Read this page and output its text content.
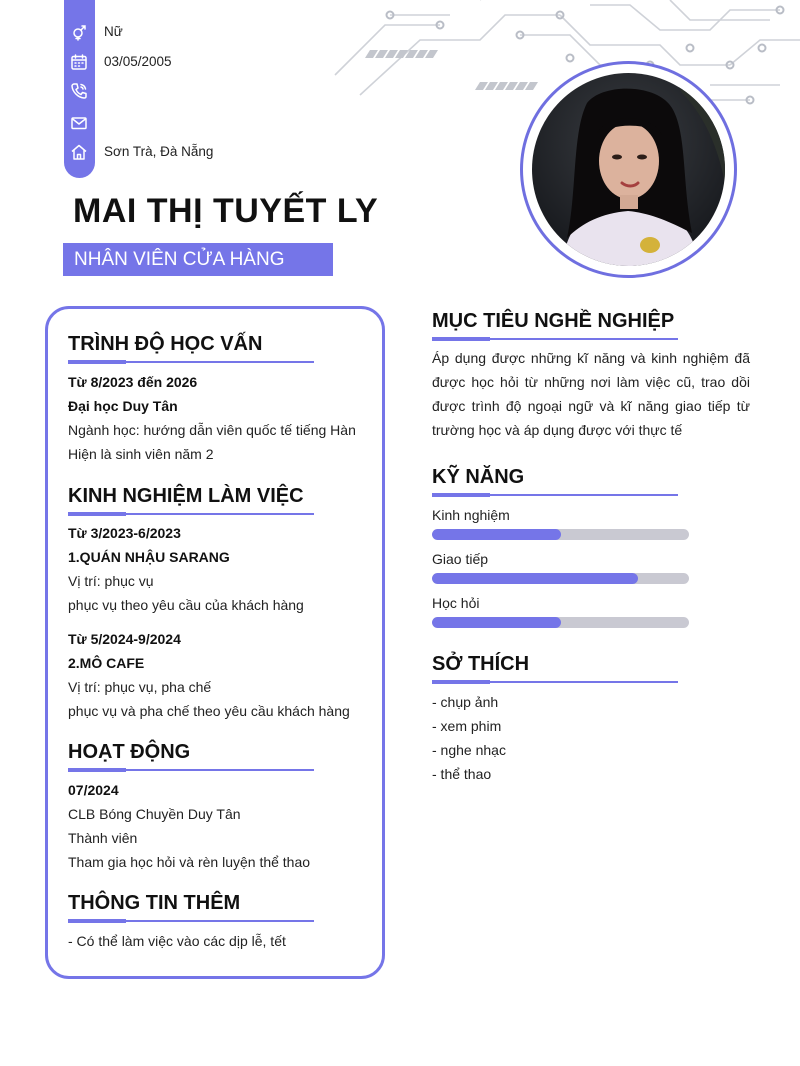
Nữ
03/05/2005
Sơn Trà, Đà Nẵng
MAI THỊ TUYẾT LY
NHÂN VIÊN CỬA HÀNG
TRÌNH ĐỘ HỌC VẤN
Từ 8/2023 đến 2026
Đại học Duy Tân
Ngành học: hướng dẫn viên quốc tế tiếng Hàn
Hiện là sinh viên năm 2
KINH NGHIỆM LÀM VIỆC
Từ 3/2023-6/2023
1.QUÁN NHẬU SARANG
Vị trí: phục vụ
phục vụ theo yêu cầu của khách hàng
Từ 5/2024-9/2024
2.MÔ CAFE
Vị trí: phục vụ, pha chế
phục vụ và pha chế theo yêu cầu khách hàng
HOẠT ĐỘNG
07/2024
CLB Bóng Chuyền Duy Tân
Thành viên
Tham gia học hỏi và rèn luyện thể thao
THÔNG TIN THÊM
- Có thể làm việc vào các dịp lễ, tết
MỤC TIÊU NGHỀ NGHIỆP
Áp dụng được những kĩ năng và kinh nghiệm đã được học hỏi từ những nơi làm việc cũ, trao dồi được trình độ ngoại ngữ và kĩ năng giao tiếp từ trường học và áp dụng được với thực tế
KỸ NĂNG
Kinh nghiệm
Giao tiếp
Học hỏi
SỞ THÍCH
- chụp ảnh
- xem phim
- nghe nhạc
- thể thao
